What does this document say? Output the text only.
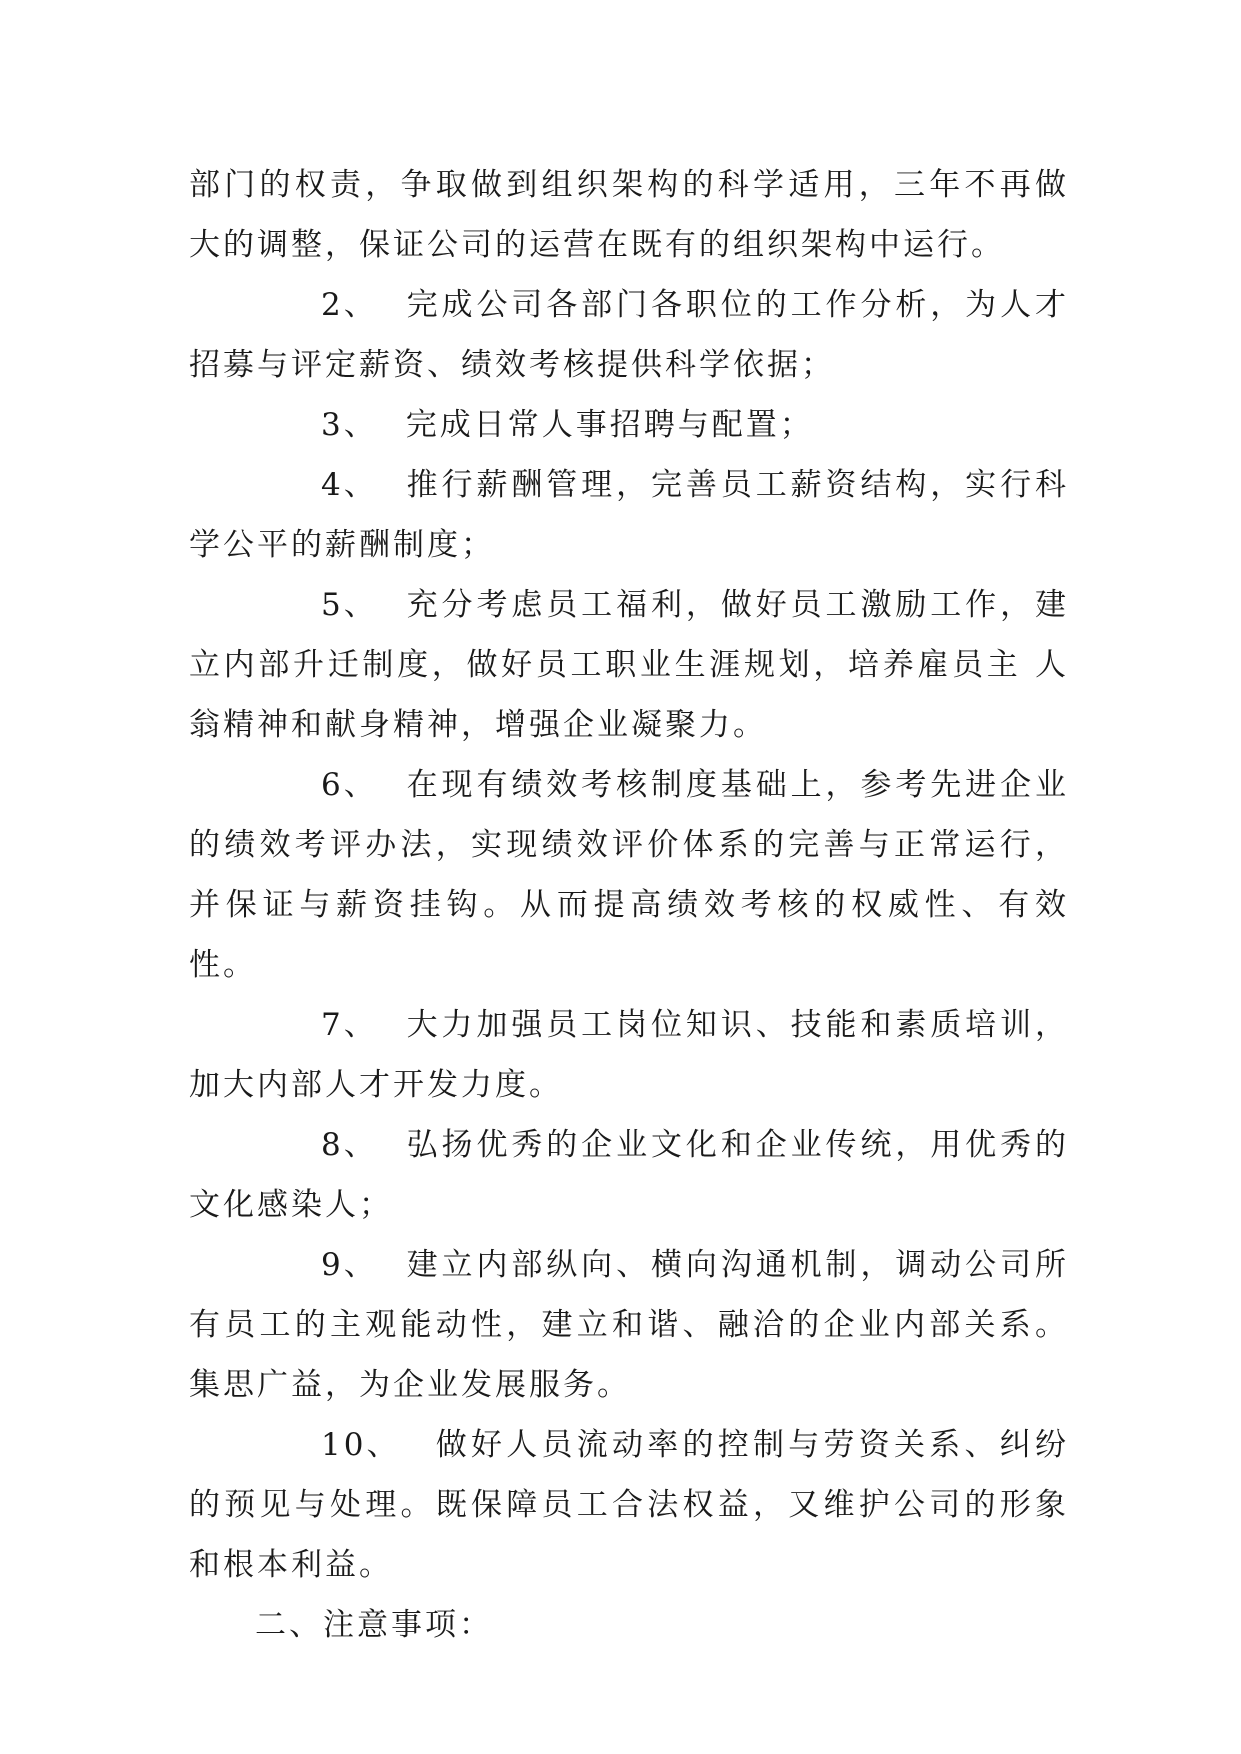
部门的权责，争取做到组织架构的科学适用，三年不再做大的调整，保证公司的运营在既有的组织架构中运行。

2、 完成公司各部门各职位的工作分析，为人才招募与评定薪资、绩效考核提供科学依据；

3、 完成日常人事招聘与配置；

4、 推行薪酬管理，完善员工薪资结构，实行科学公平的薪酬制度；

5、 充分考虑员工福利，做好员工激励工作，建立内部升迁制度，做好员工职业生涯规划，培养雇员主 人翁精神和献身精神，增强企业凝聚力。

6、 在现有绩效考核制度基础上，参考先进企业的绩效考评办法，实现绩效评价体系的完善与正常运行， 并保证与薪资挂钩。从而提高绩效考核的权威性、有效性。

7、 大力加强员工岗位知识、技能和素质培训，加大内部人才开发力度。

8、 弘扬优秀的企业文化和企业传统，用优秀的文化感染人；

9、 建立内部纵向、横向沟通机制，调动公司所有员工的主观能动性，建立和谐、融洽的企业内部关系。集思广益，为企业发展服务。

10、 做好人员流动率的控制与劳资关系、纠纷的预见与处理。既保障员工合法权益，又维护公司的形象和根本利益。

二、注意事项：
